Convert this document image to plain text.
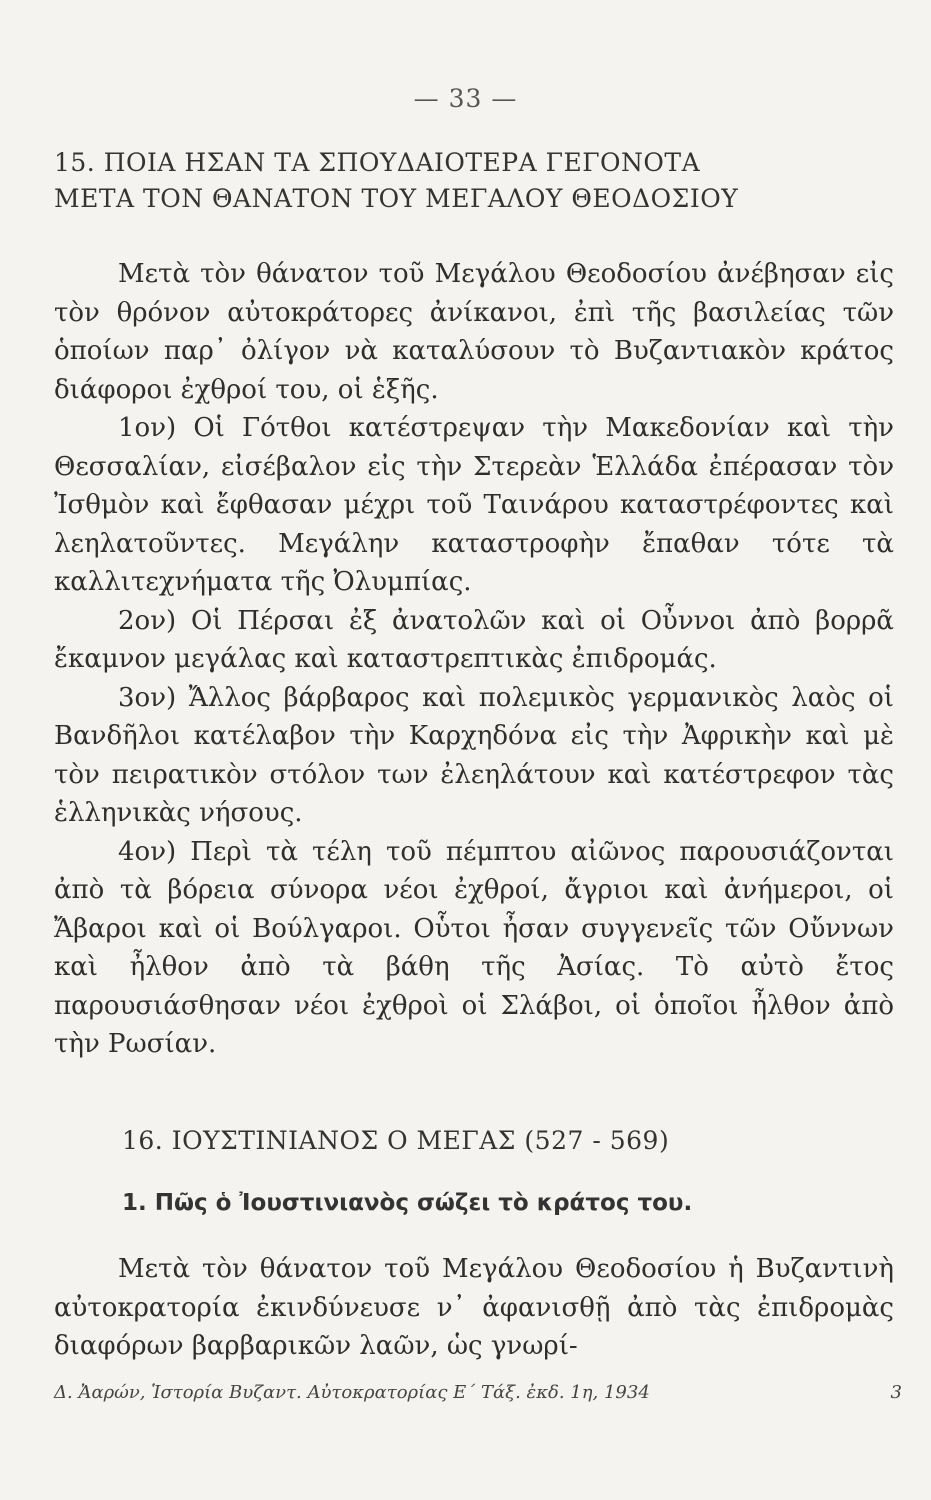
— 33 —
15. ΠΟΙΑ ΗΣΑΝ ΤΑ ΣΠΟΥΔΑΙΟΤΕΡΑ ΓΕΓΟΝΟΤΑ
ΜΕΤΑ ΤΟΝ ΘΑΝΑΤΟΝ ΤΟΥ ΜΕΓΑΛΟΥ ΘΕΟΔΟΣΙΟΥ

Μετὰ τὸν θάνατον τοῦ Μεγάλου Θεοδοσίου ἀνέβησαν εἰς τὸν θρόνον αὐτοκράτορες ἀνίκανοι, ἐπὶ τῆς βασιλείας τῶν ὁποίων παρ᾽ ὀλίγον νὰ καταλύσουν τὸ Βυζαντιακὸν κράτος διάφοροι ἐχθροί του, οἱ ἑξῆς.

1ον) Οἱ Γότθοι κατέστρεψαν τὴν Μακεδονίαν καὶ τὴν Θεσσαλίαν, εἰσέβαλον εἰς τὴν Στερεὰν Ἑλλάδα ἐπέρασαν τὸν Ἰσθμὸν καὶ ἔφθασαν μέχρι τοῦ Ταινάρου καταστρέφοντες καὶ λεηλατοῦντες. Μεγάλην καταστροφὴν ἔπαθαν τότε τὰ καλλιτεχνήματα τῆς Ὀλυμπίας.

2ον) Οἱ Πέρσαι ἐξ ἀνατολῶν καὶ οἱ Οὖννοι ἀπὸ βορρᾶ ἔκαμνον μεγάλας καὶ καταστρεπτικὰς ἐπιδρομάς.

3ον) Ἄλλος βάρβαρος καὶ πολεμικὸς γερμανικὸς λαὸς οἱ Βανδῆλοι κατέλαβον τὴν Καρχηδόνα εἰς τὴν Ἀφρικὴν καὶ μὲ τὸν πειρατικὸν στόλον των ἐλεηλάτουν καὶ κατέστρεφον τὰς ἑλληνικὰς νήσους.

4ον) Περὶ τὰ τέλη τοῦ πέμπτου αἰῶνος παρουσιάζονται ἀπὸ τὰ βόρεια σύνορα νέοι ἐχθροί, ἄγριοι καὶ ἀνήμεροι, οἱ Ἄβαροι καὶ οἱ Βούλγαροι. Οὗτοι ἦσαν συγγενεῖς τῶν Οὔννων καὶ ἦλθον ἀπὸ τὰ βάθη τῆς Ἀσίας. Τὸ αὐτὸ ἔτος παρουσιάσθησαν νέοι ἐχθροὶ οἱ Σλάβοι, οἱ ὁποῖοι ἦλθον ἀπὸ τὴν Ρωσίαν.

16. ΙΟΥΣΤΙΝΙΑΝΟΣ Ο ΜΕΓΑΣ (527 - 569)
1. Πῶς ὁ Ἰουστινιανὸς σώζει τὸ κράτος του.

Μετὰ τὸν θάνατον τοῦ Μεγάλου Θεοδοσίου ἡ Βυζαντινὴ αὐτοκρατορία ἐκινδύνευσε ν᾽ ἀφανισθῇ ἀπὸ τὰς ἐπιδρομὰς διαφόρων βαρβαρικῶν λαῶν, ὡς γνωρί-

Δ. Ἀαρών, Ἱστορία Βυζαντ. Αὐτοκρατορίας Ε΄ Τάξ. ἐκδ. 1η, 1934	3
